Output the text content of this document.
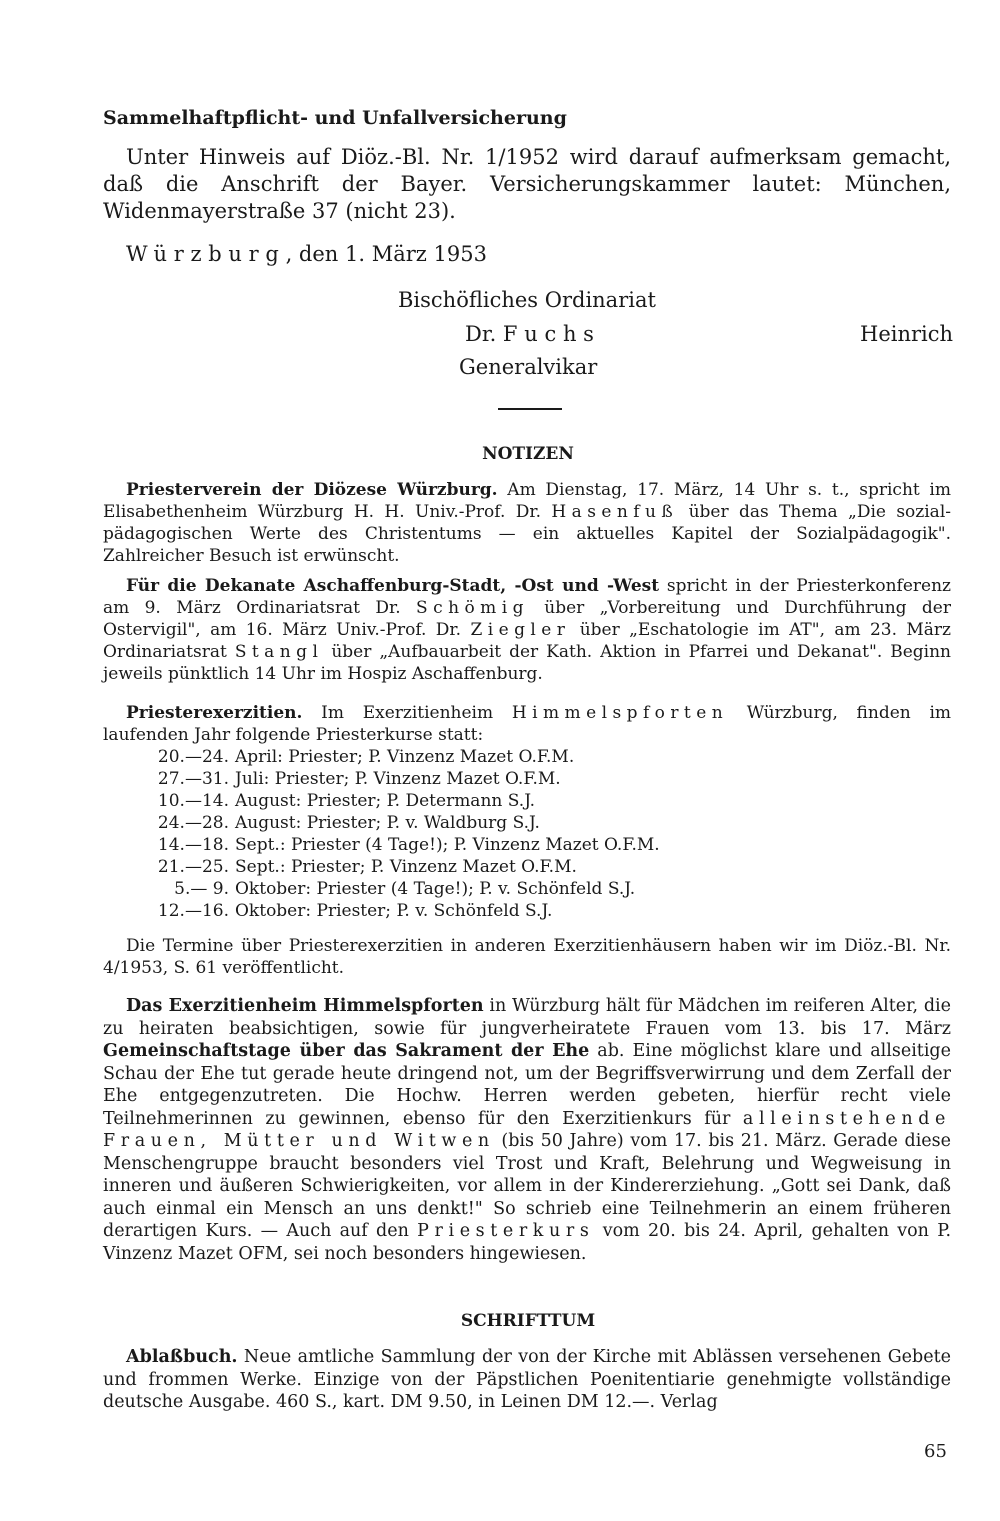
Sammelhaftpflicht- und Unfallversicherung

Unter Hinweis auf Diöz.-Bl. Nr. 1/1952 wird darauf aufmerksam gemacht, daß die Anschrift der Bayer. Versicherungskammer lautet: München, Widenmayerstraße 37 (nicht 23).

Würzburg, den 1. März 1953

Bischöfliches Ordinariat
Dr. Fuchs	Heinrich
Generalvikar
NOTIZEN

Priesterverein der Diözese Würzburg. Am Dienstag, 17. März, 14 Uhr s. t., spricht im Elisabethenheim Würzburg H. H. Univ.-Prof. Dr. Hasenfuß über das Thema „Die sozial-pädagogischen Werte des Christentums — ein aktuelles Kapitel der Sozialpädagogik". Zahlreicher Besuch ist erwünscht.

Für die Dekanate Aschaffenburg-Stadt, -Ost und -West spricht in der Priesterkonferenz am 9. März Ordinariatsrat Dr. Schömig über „Vorbereitung und Durchführung der Ostervigil", am 16. März Univ.-Prof. Dr. Ziegler über „Eschatologie im AT", am 23. März Ordinariatsrat Stangl über „Aufbauarbeit der Kath. Aktion in Pfarrei und Dekanat". Beginn jeweils pünktlich 14 Uhr im Hospiz Aschaffenburg.

Priesterexerzitien. Im Exerzitienheim Himmelspforten Würzburg, finden im laufenden Jahr folgende Priesterkurse statt:

20.—24. April: Priester; P. Vinzenz Mazet O.F.M.
27.—31. Juli: Priester; P. Vinzenz Mazet O.F.M.
10.—14. August: Priester; P. Determann S.J.
24.—28. August: Priester; P. v. Waldburg S.J.
14.—18. Sept.: Priester (4 Tage!); P. Vinzenz Mazet O.F.M.
21.—25. Sept.: Priester; P. Vinzenz Mazet O.F.M.
5.— 9. Oktober: Priester (4 Tage!); P. v. Schönfeld S.J.
12.—16. Oktober: Priester; P. v. Schönfeld S.J.

Die Termine über Priesterexerzitien in anderen Exerzitienhäusern haben wir im Diöz.-Bl. Nr. 4/1953, S. 61 veröffentlicht.

Das Exerzitienheim Himmelspforten in Würzburg hält für Mädchen im reiferen Alter, die zu heiraten beabsichtigen, sowie für jungverheiratete Frauen vom 13. bis 17. März Gemeinschaftstage über das Sakrament der Ehe ab. Eine möglichst klare und allseitige Schau der Ehe tut gerade heute dringend not, um der Begriffsverwirrung und dem Zerfall der Ehe entgegenzutreten. Die Hochw. Herren werden gebeten, hierfür recht viele Teilnehmerinnen zu gewinnen, ebenso für den Exerzitienkurs für alleinstehende Frauen, Mütter und Witwen (bis 50 Jahre) vom 17. bis 21. März. Gerade diese Menschengruppe braucht besonders viel Trost und Kraft, Belehrung und Wegweisung in inneren und äußeren Schwierigkeiten, vor allem in der Kindererziehung. „Gott sei Dank, daß auch einmal ein Mensch an uns denkt!" So schrieb eine Teilnehmerin an einem früheren derartigen Kurs. — Auch auf den Priesterkurs vom 20. bis 24. April, gehalten von P. Vinzenz Mazet OFM, sei noch besonders hingewiesen.

SCHRIFTTUM

Ablaßbuch. Neue amtliche Sammlung der von der Kirche mit Ablässen versehenen Gebete und frommen Werke. Einzige von der Päpstlichen Poenitentiarie genehmigte vollständige deutsche Ausgabe. 460 S., kart. DM 9.50, in Leinen DM 12.—. Verlag

65
